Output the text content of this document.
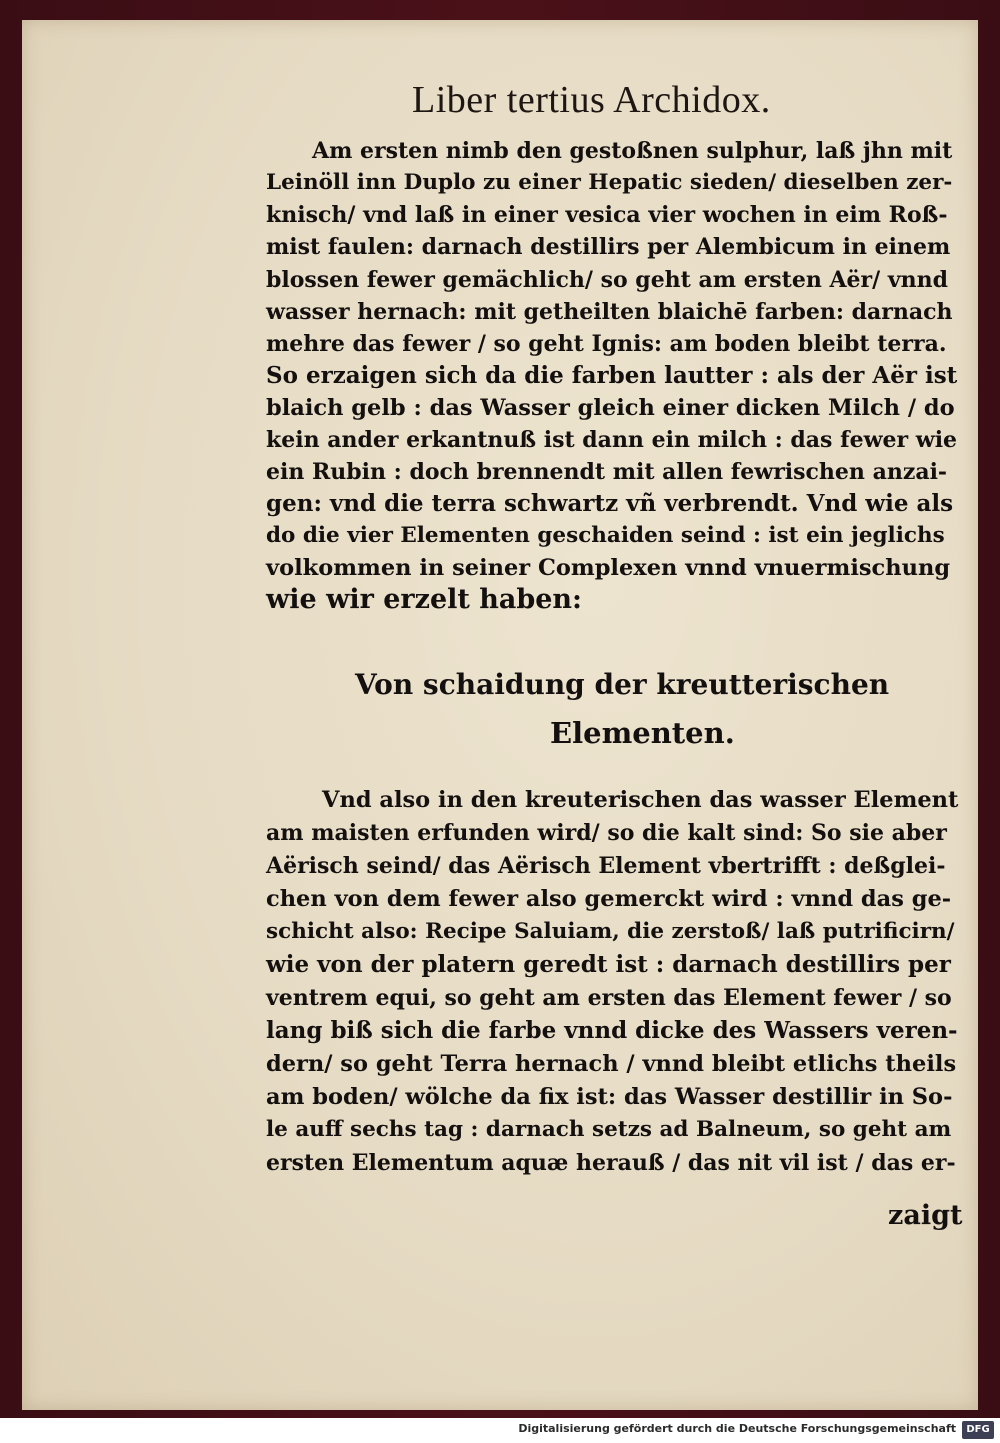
Liber tertius Archidox.
Am ersten nimb den gestoßnen sulphur, laß jhn mit
Leinöll inn Duplo zu einer Hepatic sieden/ dieselben zer-
knisch/ vnd laß in einer vesica vier wochen in eim Roß-
mist faulen: darnach destillirs per Alembicum in einem
blossen fewer gemächlich/ so geht am ersten Aër/ vnnd
wasser hernach: mit getheilten blaichē farben: darnach
mehre das fewer / so geht Ignis: am boden bleibt terra.
So erzaigen sich da die farben lautter : als der Aër ist
blaich gelb : das Wasser gleich einer dicken Milch / do
kein ander erkantnuß ist dann ein milch : das fewer wie
ein Rubin : doch brennendt mit allen fewrischen anzai-
gen: vnd die terra schwartz vñ verbrendt. Vnd wie als
do die vier Elementen geschaiden seind : ist ein jeglichs
volkommen in seiner Complexen vnnd vnuermischung
wie wir erzelt haben:
Von schaidung der kreutterischen
Elementen.
Vnd also in den kreuterischen das wasser Element
am maisten erfunden wird/ so die kalt sind: So sie aber
Aërisch seind/ das Aërisch Element vbertrifft : deßglei-
chen von dem fewer also gemerckt wird : vnnd das ge-
schicht also: Recipe Saluiam, die zerstoß/ laß putrificirn/
wie von der platern geredt ist : darnach destillirs per
ventrem equi, so geht am ersten das Element fewer / so
lang biß sich die farbe vnnd dicke des Wassers veren-
dern/ so geht Terra hernach / vnnd bleibt etlichs theils
am boden/ wölche da fix ist: das Wasser destillir in So-
le auff sechs tag : darnach setzs ad Balneum, so geht am
ersten Elementum aquæ herauß / das nit vil ist / das er-
zaigt
Digitalisierung gefördert durch die Deutsche Forschungsgemeinschaft	DFG
